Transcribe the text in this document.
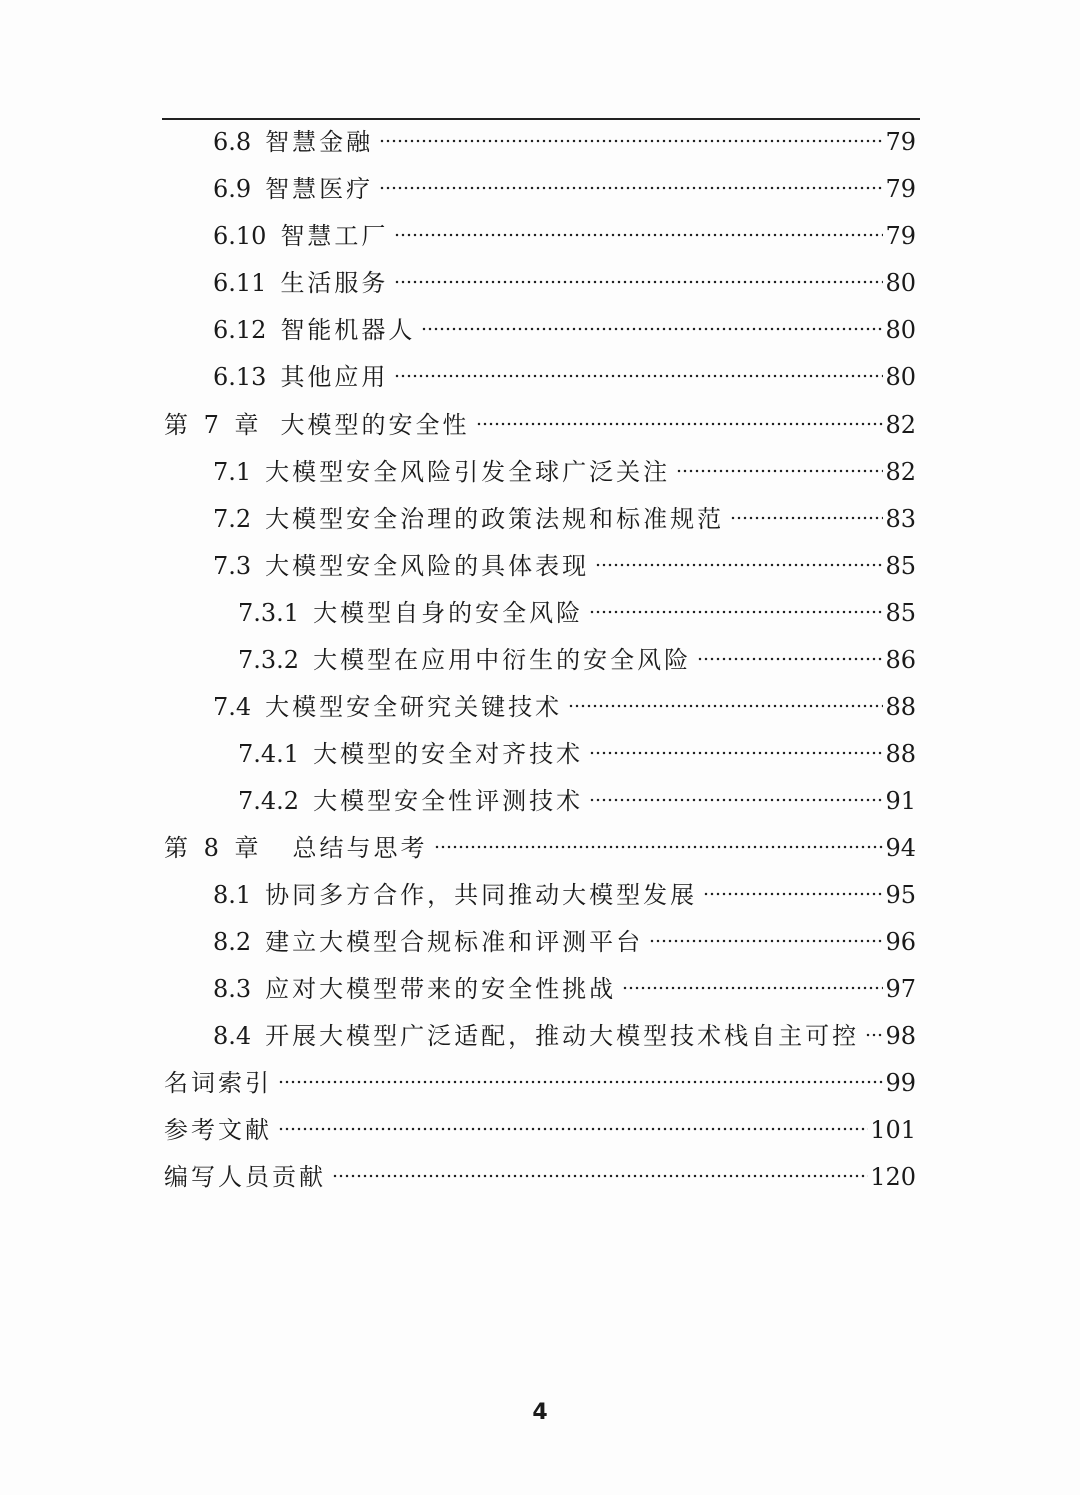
6.8 智慧金融	79
6.9 智慧医疗	79
6.10 智慧工厂	79
6.11 生活服务	80
6.12 智能机器人	80
6.13 其他应用	80
第 7 章 大模型的安全性	82
7.1 大模型安全风险引发全球广泛关注	82
7.2 大模型安全治理的政策法规和标准规范	83
7.3 大模型安全风险的具体表现	85
7.3.1 大模型自身的安全风险	85
7.3.2 大模型在应用中衍生的安全风险	86
7.4 大模型安全研究关键技术	88
7.4.1 大模型的安全对齐技术	88
7.4.2 大模型安全性评测技术	91
第 8 章 总结与思考	94
8.1 协同多方合作，共同推动大模型发展	95
8.2 建立大模型合规标准和评测平台	96
8.3 应对大模型带来的安全性挑战	97
8.4 开展大模型广泛适配，推动大模型技术栈自主可控 98
名词索引	99
参考文献	101
编写人员贡献	120
4
